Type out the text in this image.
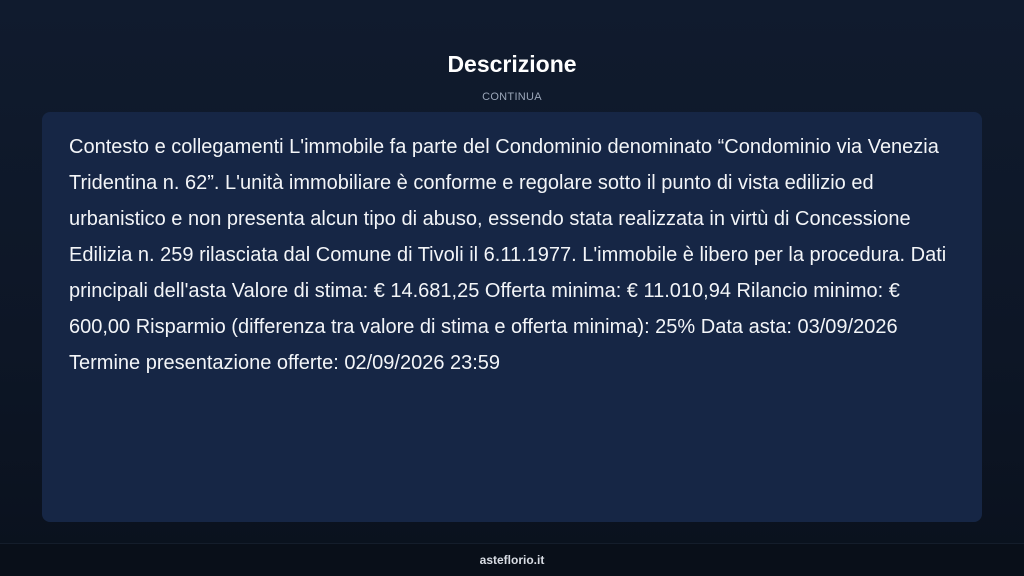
Descrizione
CONTINUA

Contesto e collegamenti L'immobile fa parte del Condominio denominato “Condominio via Venezia Tridentina n. 62”. L'unità immobiliare è conforme e regolare sotto il punto di vista edilizio ed urbanistico e non presenta alcun tipo di abuso, essendo stata realizzata in virtù di Concessione Edilizia n. 259 rilasciata dal Comune di Tivoli il 6.11.1977. L'immobile è libero per la procedura. Dati principali dell'asta Valore di stima: € 14.681,25 Offerta minima: € 11.010,94 Rilancio minimo: € 600,00 Risparmio (differenza tra valore di stima e offerta minima): 25% Data asta: 03/09/2026 Termine presentazione offerte: 02/09/2026 23:59

asteflorio.it
